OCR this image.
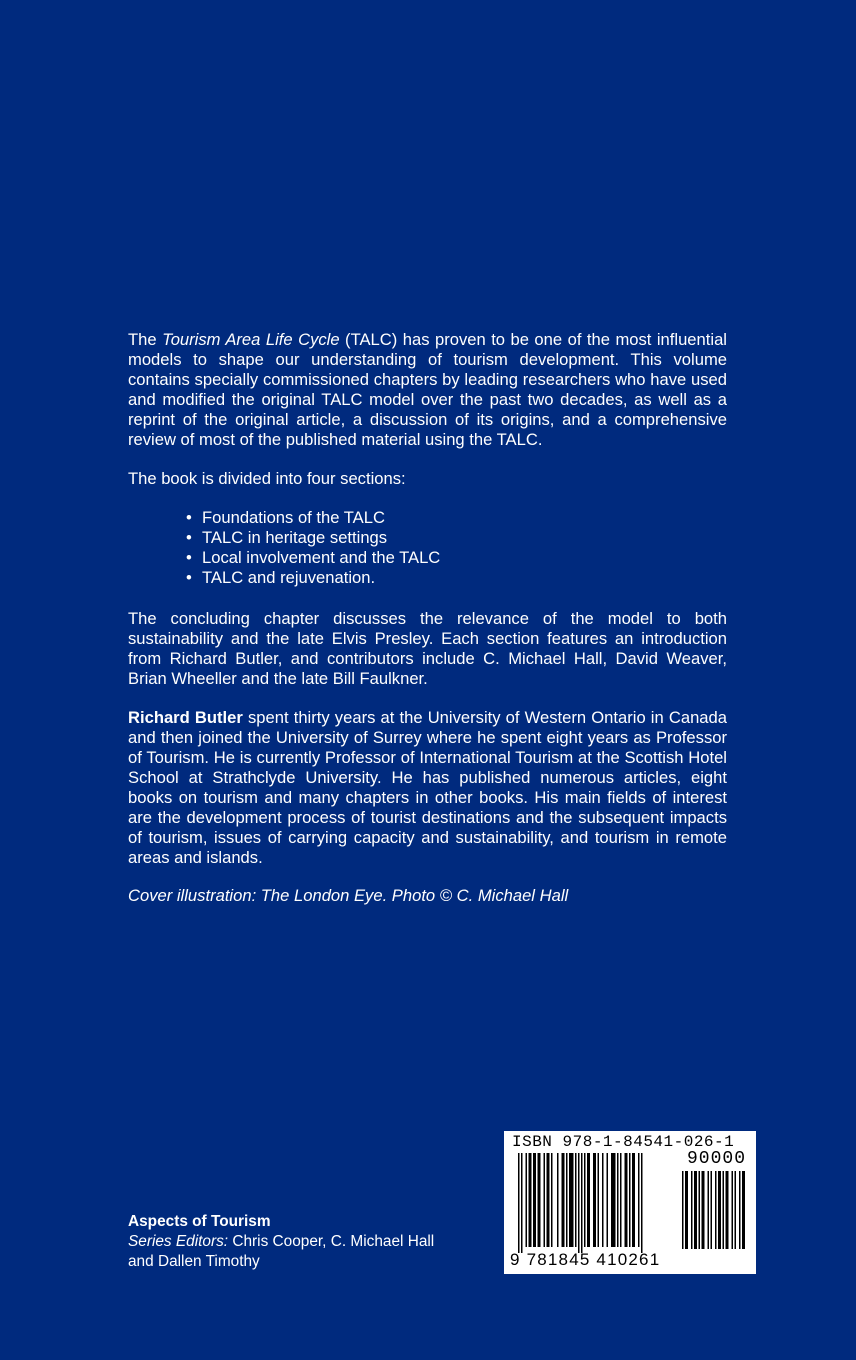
The Tourism Area Life Cycle (TALC) has proven to be one of the most influential models to shape our understanding of tourism development. This volume contains specially commissioned chapters by leading researchers who have used and modified the original TALC model over the past two decades, as well as a reprint of the original article, a discussion of its origins, and a comprehensive review of most of the published material using the TALC.

The book is divided into four sections:

• Foundations of the TALC
• TALC in heritage settings
• Local involvement and the TALC
• TALC and rejuvenation.

The concluding chapter discusses the relevance of the model to both sustainability and the late Elvis Presley. Each section features an introduction from Richard Butler, and contributors include C. Michael Hall, David Weaver, Brian Wheeller and the late Bill Faulkner.

Richard Butler spent thirty years at the University of Western Ontario in Canada and then joined the University of Surrey where he spent eight years as Professor of Tourism. He is currently Professor of International Tourism at the Scottish Hotel School at Strathclyde University. He has published numerous articles, eight books on tourism and many chapters in other books. His main fields of interest are the development process of tourist destinations and the subsequent impacts of tourism, issues of carrying capacity and sustainability, and tourism in remote areas and islands.

Cover illustration: The London Eye. Photo © C. Michael Hall

Aspects of Tourism
Series Editors: Chris Cooper, C. Michael Hall
and Dallen Timothy
ISBN 978-1-84541-026-1
90000
9 781845 410261
